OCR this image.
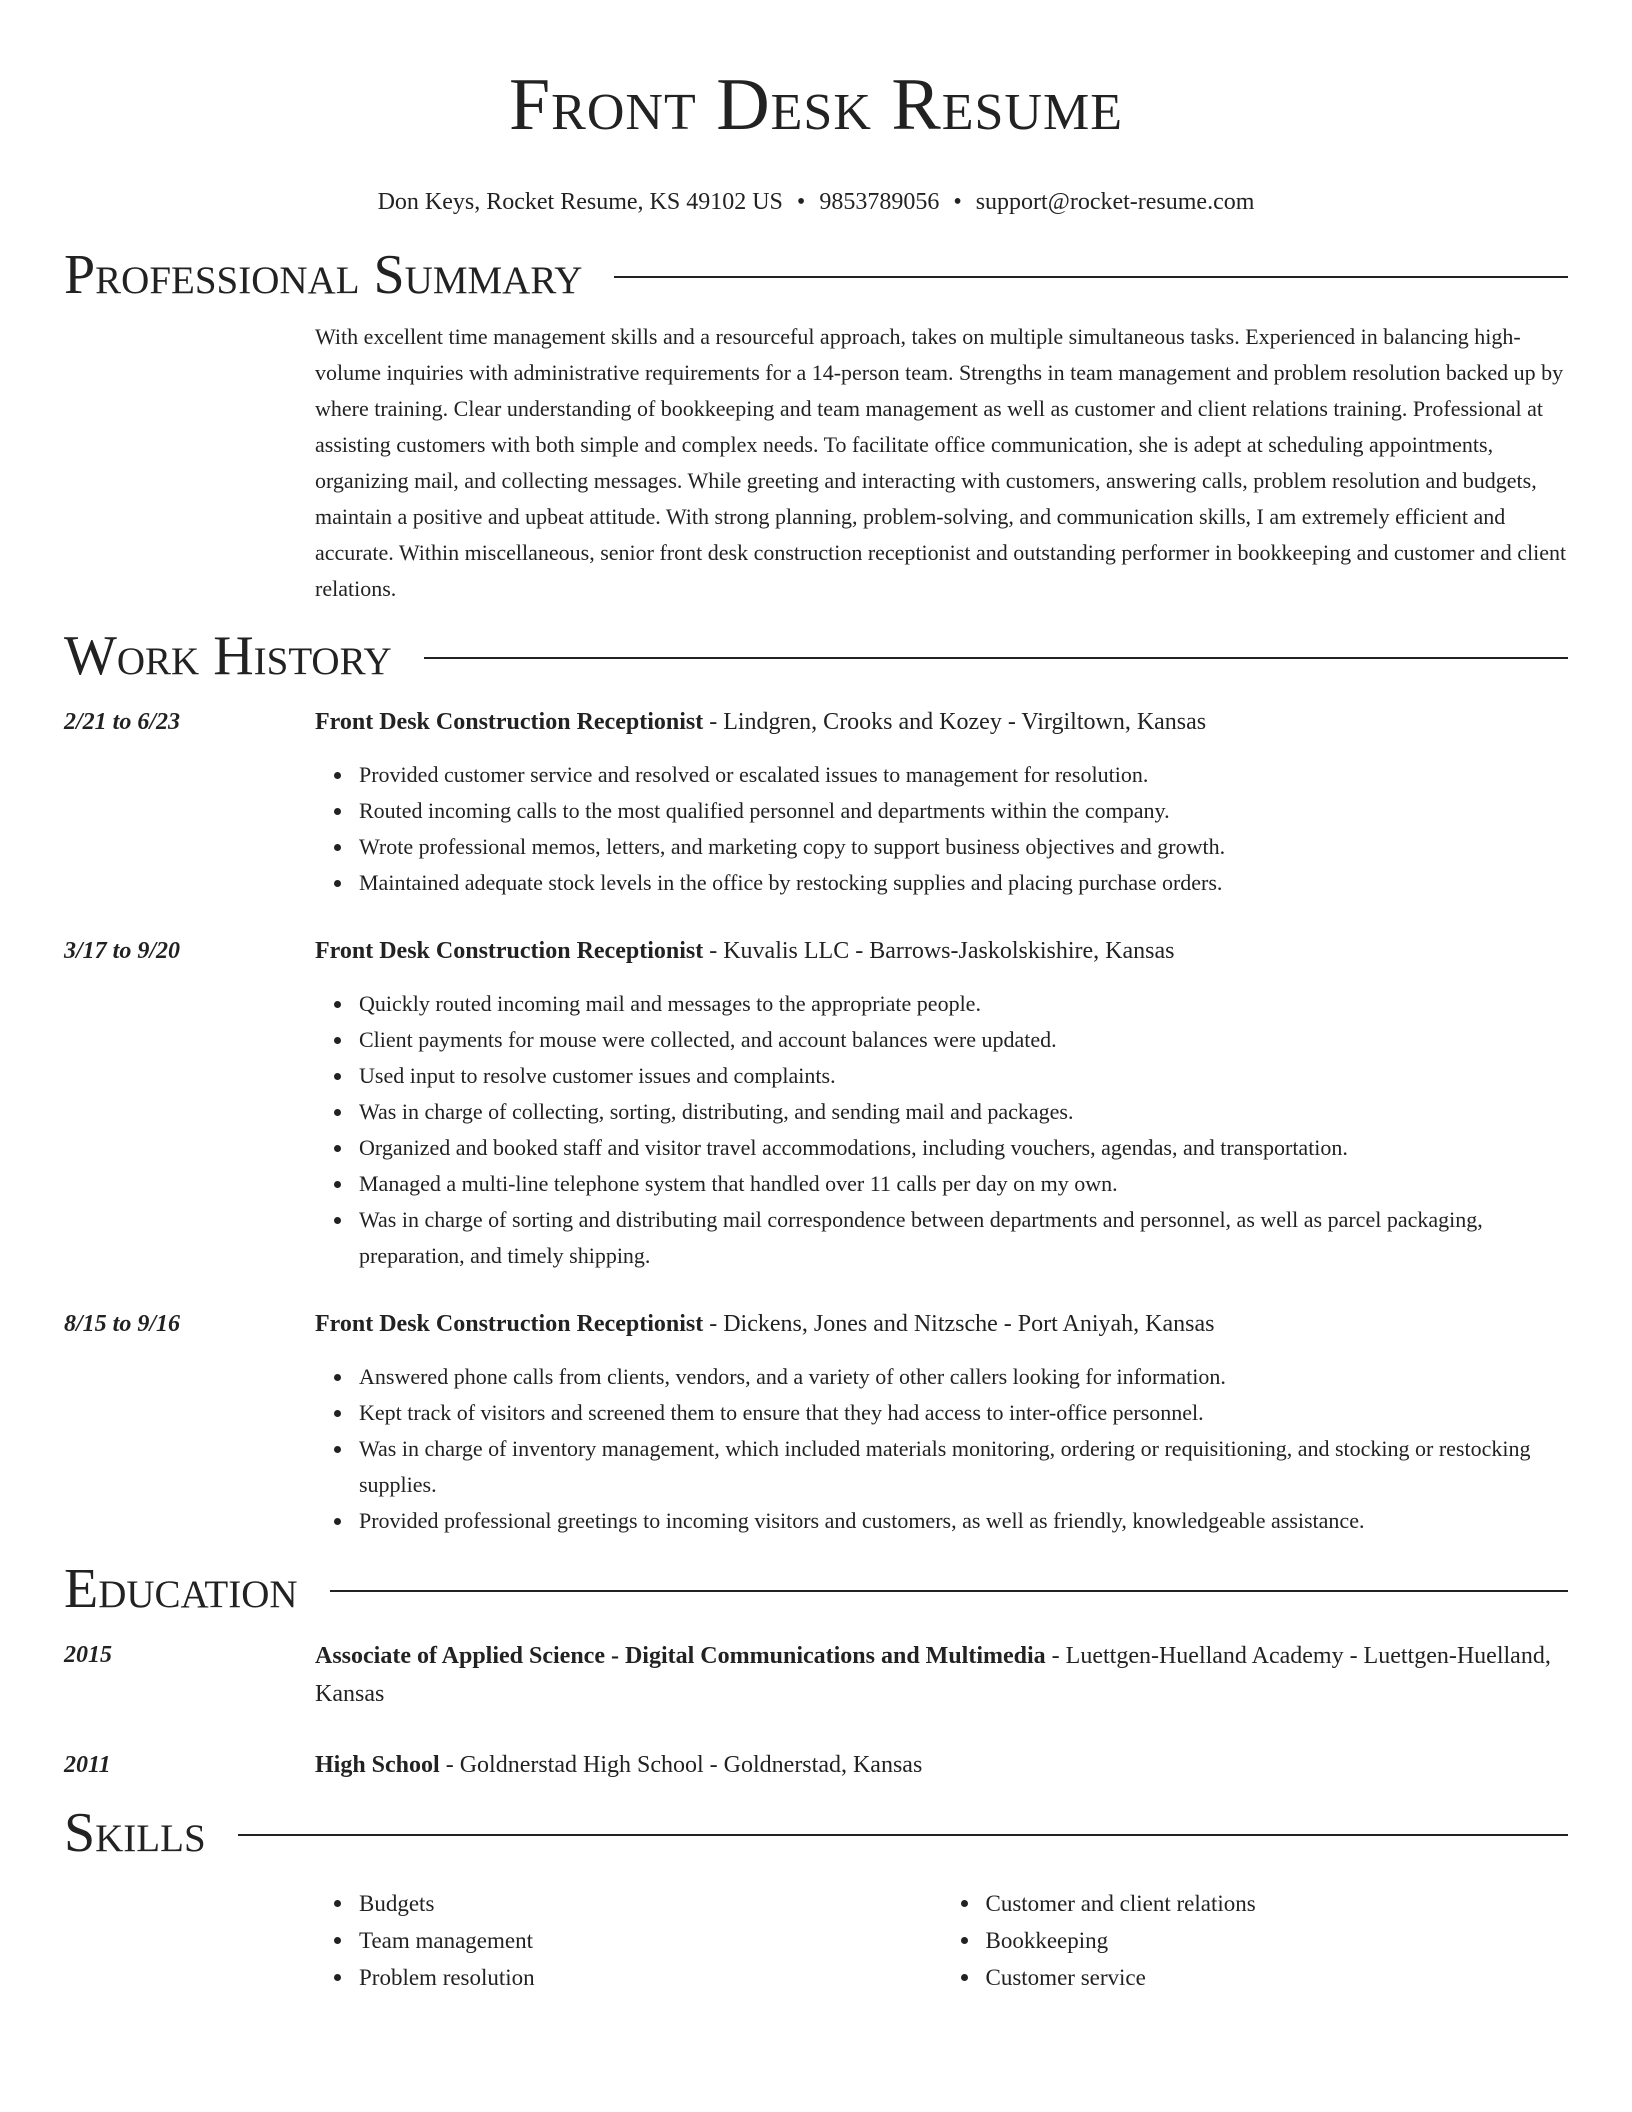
Front Desk Resume
Don Keys, Rocket Resume, KS 49102 US • 9853789056 • support@rocket-resume.com
Professional Summary
With excellent time management skills and a resourceful approach, takes on multiple simultaneous tasks. Experienced in balancing high-volume inquiries with administrative requirements for a 14-person team. Strengths in team management and problem resolution backed up by where training. Clear understanding of bookkeeping and team management as well as customer and client relations training. Professional at assisting customers with both simple and complex needs. To facilitate office communication, she is adept at scheduling appointments, organizing mail, and collecting messages. While greeting and interacting with customers, answering calls, problem resolution and budgets, maintain a positive and upbeat attitude. With strong planning, problem-solving, and communication skills, I am extremely efficient and accurate. Within miscellaneous, senior front desk construction receptionist and outstanding performer in bookkeeping and customer and client relations.
Work History
2/21 to 6/23	Front Desk Construction Receptionist - Lindgren, Crooks and Kozey - Virgiltown, Kansas
Provided customer service and resolved or escalated issues to management for resolution.
Routed incoming calls to the most qualified personnel and departments within the company.
Wrote professional memos, letters, and marketing copy to support business objectives and growth.
Maintained adequate stock levels in the office by restocking supplies and placing purchase orders.
3/17 to 9/20	Front Desk Construction Receptionist - Kuvalis LLC - Barrows-Jaskolskishire, Kansas
Quickly routed incoming mail and messages to the appropriate people.
Client payments for mouse were collected, and account balances were updated.
Used input to resolve customer issues and complaints.
Was in charge of collecting, sorting, distributing, and sending mail and packages.
Organized and booked staff and visitor travel accommodations, including vouchers, agendas, and transportation.
Managed a multi-line telephone system that handled over 11 calls per day on my own.
Was in charge of sorting and distributing mail correspondence between departments and personnel, as well as parcel packaging, preparation, and timely shipping.
8/15 to 9/16	Front Desk Construction Receptionist - Dickens, Jones and Nitzsche - Port Aniyah, Kansas
Answered phone calls from clients, vendors, and a variety of other callers looking for information.
Kept track of visitors and screened them to ensure that they had access to inter-office personnel.
Was in charge of inventory management, which included materials monitoring, ordering or requisitioning, and stocking or restocking supplies.
Provided professional greetings to incoming visitors and customers, as well as friendly, knowledgeable assistance.
Education
2015	Associate of Applied Science - Digital Communications and Multimedia - Luettgen-Huelland Academy - Luettgen-Huelland, Kansas
2011	High School - Goldnerstad High School - Goldnerstad, Kansas
Skills
Budgets
Team management
Problem resolution
Customer and client relations
Bookkeeping
Customer service
